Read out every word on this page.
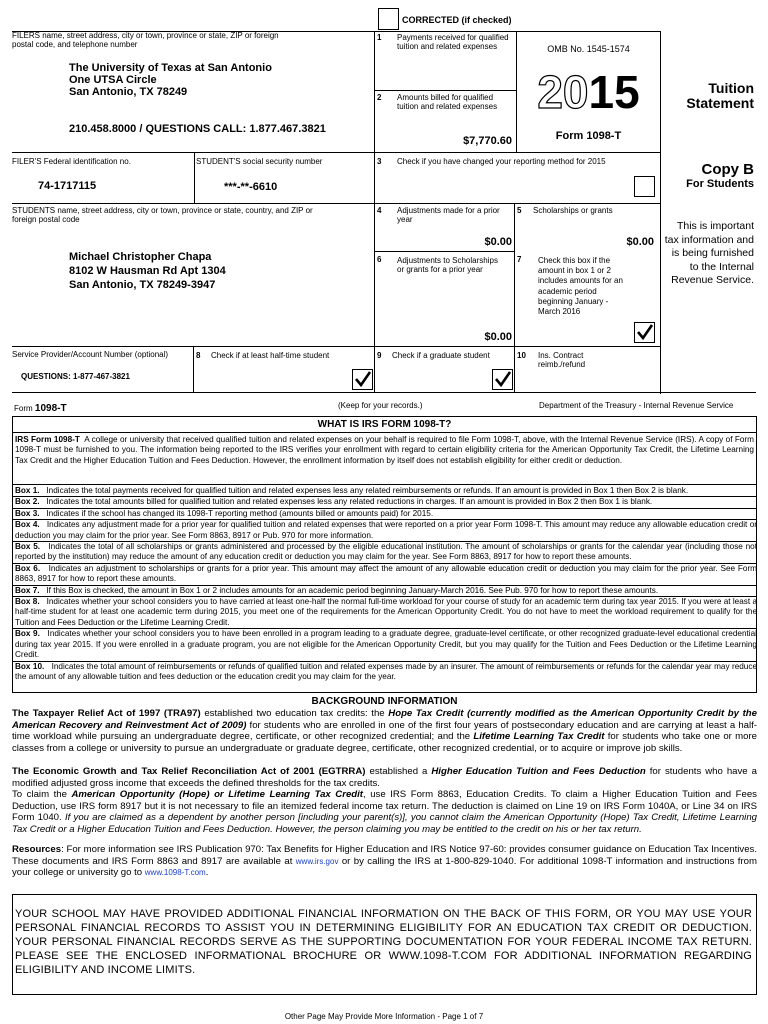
CORRECTED (if checked)
FILERS name, street address, city or town, province or state, ZIP or foreign postal code, and telephone number
The University of Texas at San Antonio
One UTSA Circle
San Antonio, TX 78249
210.458.8000 / QUESTIONS CALL: 1.877.467.3821
1 Payments received for qualified tuition and related expenses
2 Amounts billed for qualified tuition and related expenses
$7,770.60
OMB No. 1545-1574
2015
Form 1098-T
Tuition
Statement
FILER'S Federal identification no.
74-1717115
STUDENT'S social security number
***-**-6610
3 Check if you have changed your reporting method for 2015	Copy B
For Students
This is important tax information and is being furnished to the Internal Revenue Service.
STUDENTS name, street address, city or town, province or state, country, and ZIP or foreign postal code
Michael Christopher Chapa
8102 W Hausman Rd Apt 1304
San Antonio, TX 78249-3947
4 Adjustments made for a prior year
$0.00
5 Scholarships or grants
$0.00
6 Adjustments to Scholarships or grants for a prior year
$0.00
7 Check this box if the amount in box 1 or 2 includes amounts for an academic period beginning January - March 2016
Service Provider/Account Number (optional)
QUESTIONS: 1-877-467-3821
8 Check if at least half-time student	9 Check if a graduate student	10 Ins. Contract reimb./refund
Form 1098-T	(Keep for your records.)	Department of the Treasury - Internal Revenue Service
WHAT IS IRS FORM 1098-T?
IRS Form 1098-T A college or university that received qualified tuition and related expenses on your behalf is required to file Form 1098-T, above, with the Internal Revenue Service (IRS). A copy of Form 1098-T must be furnished to you. The information being reported to the IRS verifies your enrollment with regard to certain eligibility criteria for the American Opportunity Tax Credit, the Lifetime Learning Tax Credit and the Higher Education Tuition and Fees Deduction. However, the enrollment information by itself does not establish eligibility for either credit or deduction.
Box 1. Indicates the total payments received for qualified tuition and related expenses less any related reimbursements or refunds. If an amount is provided in Box 1 then Box 2 is blank.
Box 2. Indicates the total amounts billed for qualified tuition and related expenses less any related reductions in charges. If an amount is provided in Box 2 then Box 1 is blank.
Box 3. Indicates if the school has changed its 1098-T reporting method (amounts billed or amounts paid) for 2015.
Box 4. Indicates any adjustment made for a prior year for qualified tuition and related expenses that were reported on a prior year Form 1098-T. This amount may reduce any allowable education credit or deduction you may claim for the prior year. See Form 8863, 8917 or Pub. 970 for more information.
Box 5. Indicates the total of all scholarships or grants administered and processed by the eligible educational institution. The amount of scholarships or grants for the calendar year (including those not reported by the institution) may reduce the amount of any education credit or deduction you may claim for the year. See Form 8863, 8917 for how to report these amounts.
Box 6. Indicates an adjustment to scholarships or grants for a prior year. This amount may affect the amount of any allowable education credit or deduction you may claim for the prior year. See Form 8863, 8917 for how to report these amounts.
Box 7. If this Box is checked, the amount in Box 1 or 2 includes amounts for an academic period beginning January-March 2016. See Pub. 970 for how to report these amounts.
Box 8. Indicates whether your school considers you to have carried at least one-half the normal full-time workload for your course of study for an academic term during tax year 2015. If you were at least a half-time student for at least one academic term during 2015, you meet one of the requirements for the American Opportunity Credit. You do not have to meet the workload requirement to qualify for the Tuition and Fees Deduction or the Lifetime Learning Credit.
Box 9. Indicates whether your school considers you to have been enrolled in a program leading to a graduate degree, graduate-level certificate, or other recognized graduate-level educational credential during tax year 2015. If you were enrolled in a graduate program, you are not eligible for the American Opportunity Credit, but you may qualify for the Tuition and Fees Deduction or the Lifetime Learning Credit.
Box 10. Indicates the total amount of reimbursements or refunds of qualified tuition and related expenses made by an insurer. The amount of reimbursements or refunds for the calendar year may reduce the amount of any allowable tuition and fees deduction or the education credit you may claim for the year.
BACKGROUND INFORMATION
The Taxpayer Relief Act of 1997 (TRA97) established two education tax credits: the Hope Tax Credit (currently modified as the American Opportunity Credit by the American Recovery and Reinvestment Act of 2009) for students who are enrolled in one of the first four years of postsecondary education and are carrying at least a half-time workload while pursuing an undergraduate degree, certificate, or other recognized credential; and the Lifetime Learning Tax Credit for students who take one or more classes from a college or university to pursue an undergraduate or graduate degree, certificate, other recognized credential, or to acquire or improve job skills.
The Economic Growth and Tax Relief Reconciliation Act of 2001 (EGTRRA) established a Higher Education Tuition and Fees Deduction for students who have a modified adjusted gross income that exceeds the defined thresholds for the tax credits.
To claim the American Opportunity (Hope) or Lifetime Learning Tax Credit, use IRS Form 8863, Education Credits. To claim a Higher Education Tuition and Fees Deduction, use IRS form 8917 but it is not necessary to file an itemized federal income tax return. The deduction is claimed on Line 19 on IRS Form 1040A, or Line 34 on IRS Form 1040. If you are claimed as a dependent by another person [including your parent(s)], you cannot claim the American Opportunity (Hope) Tax Credit, Lifetime Learning Tax Credit or a Higher Education Tuition and Fees Deduction. However, the person claiming you may be entitled to the credit on his or her tax return.
Resources: For more information see IRS Publication 970: Tax Benefits for Higher Education and IRS Notice 97-60: provides consumer guidance on Education Tax Incentives. These documents and IRS Form 8863 and 8917 are available at www.irs.gov or by calling the IRS at 1-800-829-1040. For additional 1098-T information and instructions from your college or university go to www.1098-T.com.
YOUR SCHOOL MAY HAVE PROVIDED ADDITIONAL FINANCIAL INFORMATION ON THE BACK OF THIS FORM, OR YOU MAY USE YOUR PERSONAL FINANCIAL RECORDS TO ASSIST YOU IN DETERMINING ELIGIBILITY FOR AN EDUCATION TAX CREDIT OR DEDUCTION. YOUR PERSONAL FINANCIAL RECORDS SERVE AS THE SUPPORTING DOCUMENTATION FOR YOUR FEDERAL INCOME TAX RETURN. PLEASE SEE THE ENCLOSED INFORMATIONAL BROCHURE OR WWW.1098-T.COM FOR ADDITIONAL INFORMATION REGARDING ELIGIBILITY AND INCOME LIMITS.
Other Page May Provide More Information - Page 1 of 7
